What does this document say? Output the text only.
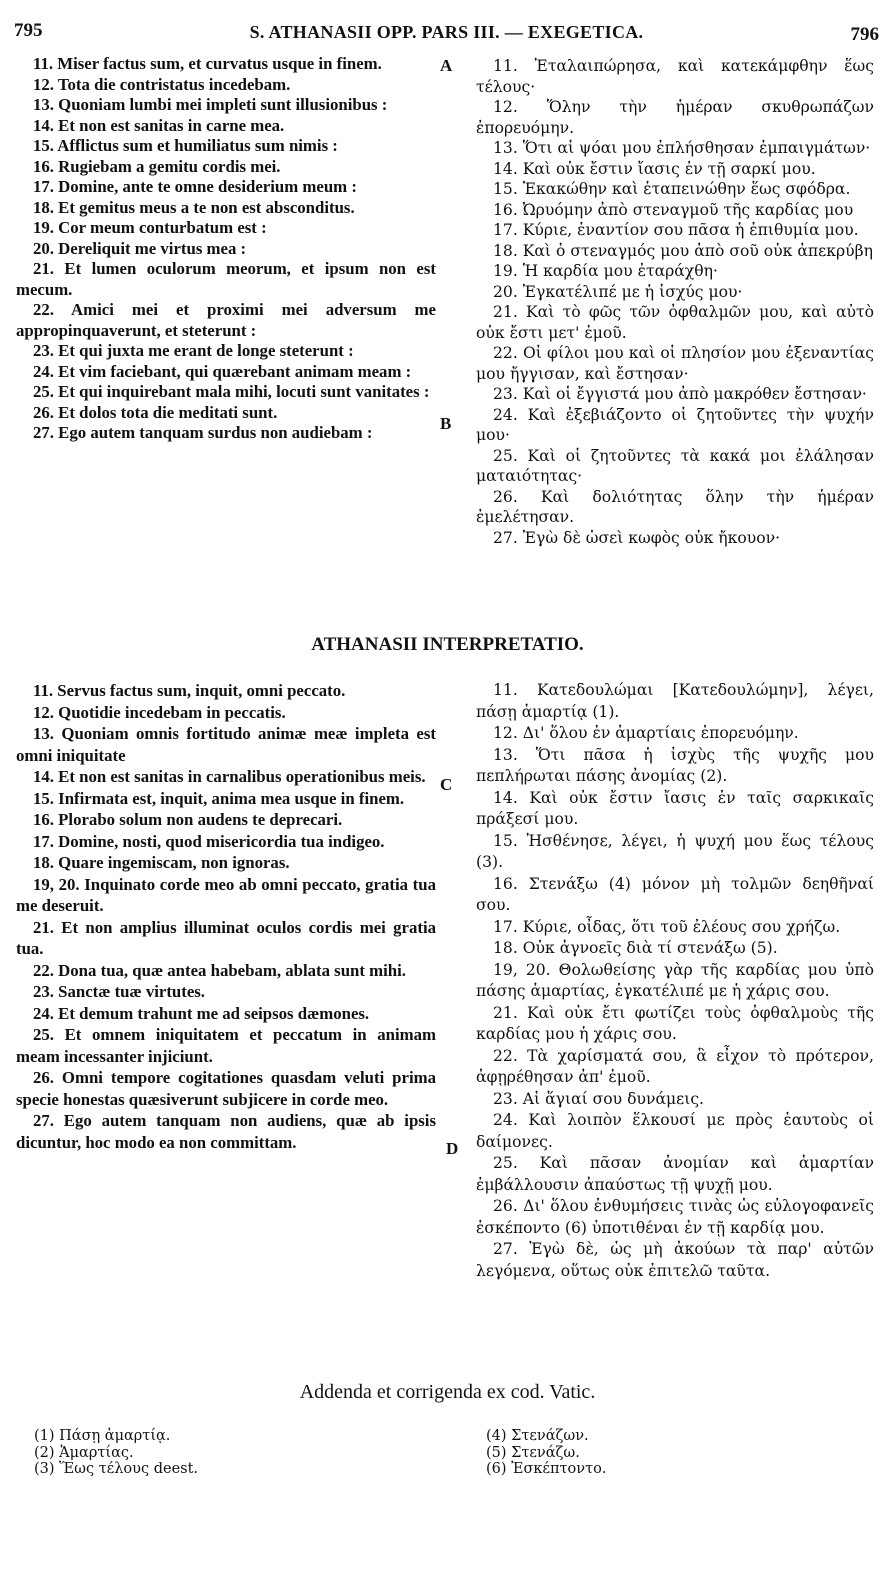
795	S. ATHANASII OPP. PARS III. — EXEGETICA.	796

11. Miser factus sum, et curvatus usque in finem.

12. Tota die contristatus incedebam.

13. Quoniam lumbi mei impleti sunt illusionibus :

14. Et non est sanitas in carne mea.

15. Afflictus sum et humiliatus sum nimis :

16. Rugiebam a gemitu cordis mei.

17. Domine, ante te omne desiderium meum :

18. Et gemitus meus a te non est absconditus.

19. Cor meum conturbatum est :

20. Dereliquit me virtus mea :

21. Et lumen oculorum meorum, et ipsum non est mecum.

22. Amici mei et proximi mei adversum me appropinquaverunt, et steterunt :

23. Et qui juxta me erant de longe steterunt :

24. Et vim faciebant, qui quærebant animam meam :

25. Et qui inquirebant mala mihi, locuti sunt vanitates :

26. Et dolos tota die meditati sunt.

27. Ego autem tanquam surdus non audiebam :

11. Ἐταλαιπώρησα, καὶ κατεκάμφθην ἕως τέλους·

12. Ὅλην τὴν ἡμέραν σκυθρωπάζων ἐπορευόμην.

13. Ὅτι αἱ ψόαι μου ἐπλήσθησαν ἐμπαιγμάτων·

14. Καὶ οὐκ ἔστιν ἴασις ἐν τῇ σαρκί μου.

15. Ἐκακώθην καὶ ἐταπεινώθην ἕως σφόδρα.

16. Ὠρυόμην ἀπὸ στεναγμοῦ τῆς καρδίας μου

17. Κύριε, ἐναντίον σου πᾶσα ἡ ἐπιθυμία μου.

18. Καὶ ὁ στεναγμός μου ἀπὸ σοῦ οὐκ ἀπεκρύβη

19. Ἡ καρδία μου ἐταράχθη·

20. Ἐγκατέλιπέ με ἡ ἰσχύς μου·

21. Καὶ τὸ φῶς τῶν ὀφθαλμῶν μου, καὶ αὐτὸ οὐκ ἔστι μετ' ἐμοῦ.

22. Οἱ φίλοι μου καὶ οἱ πλησίον μου ἐξεναντίας μου ἤγγισαν, καὶ ἔστησαν·

23. Καὶ οἱ ἔγγιστά μου ἀπὸ μακρόθεν ἔστησαν·

24. Καὶ ἐξεβιάζοντο οἱ ζητοῦντες τὴν ψυχήν μου·

25. Καὶ οἱ ζητοῦντες τὰ κακά μοι ἐλάλησαν ματαιότητας·

26. Καὶ δολιότητας ὅλην τὴν ἡμέραν ἐμελέτησαν.

27. Ἐγὼ δὲ ὡσεὶ κωφὸς οὐκ ἤκουον·

A
B
C
D
ATHANASII INTERPRETATIO.

11. Servus factus sum, inquit, omni peccato.

12. Quotidie incedebam in peccatis.

13. Quoniam omnis fortitudo animæ meæ impleta est omni iniquitate

14. Et non est sanitas in carnalibus operationibus meis.

15. Infirmata est, inquit, anima mea usque in finem.

16. Plorabo solum non audens te deprecari.

17. Domine, nosti, quod misericordia tua indigeo.

18. Quare ingemiscam, non ignoras.

19, 20. Inquinato corde meo ab omni peccato, gratia tua me deseruit.

21. Et non amplius illuminat oculos cordis mei gratia tua.

22. Dona tua, quæ antea habebam, ablata sunt mihi.

23. Sanctæ tuæ virtutes.

24. Et demum trahunt me ad seipsos dæmones.

25. Et omnem iniquitatem et peccatum in animam meam incessanter injiciunt.

26. Omni tempore cogitationes quasdam veluti prima specie honestas quæsiverunt subjicere in corde meo.

27. Ego autem tanquam non audiens, quæ ab ipsis dicuntur, hoc modo ea non committam.

11. Κατεδουλώμαι [Κατεδουλώμην], λέγει, πάσῃ ἁμαρτίᾳ (1).

12. Δι' ὅλου ἐν ἁμαρτίαις ἐπορευόμην.

13. Ὅτι πᾶσα ἡ ἰσχὺς τῆς ψυχῆς μου πεπλήρωται πάσης ἀνομίας (2).

14. Καὶ οὐκ ἔστιν ἴασις ἐν ταῖς σαρκικαῖς πράξεσί μου.

15. Ἠσθένησε, λέγει, ἡ ψυχή μου ἕως τέλους (3).

16. Στενάξω (4) μόνον μὴ τολμῶν δεηθῆναί σου.

17. Κύριε, οἶδας, ὅτι τοῦ ἐλέους σου χρήζω.

18. Οὐκ ἀγνοεῖς διὰ τί στενάξω (5).

19, 20. Θολωθείσης γὰρ τῆς καρδίας μου ὑπὸ πάσης ἁμαρτίας, ἐγκατέλιπέ με ἡ χάρις σου.

21. Καὶ οὐκ ἔτι φωτίζει τοὺς ὀφθαλμοὺς τῆς καρδίας μου ἡ χάρις σου.

22. Τὰ χαρίσματά σου, ἃ εἶχον τὸ πρότερον, ἀφῃρέθησαν ἀπ' ἐμοῦ.

23. Αἱ ἅγιαί σου δυνάμεις.

24. Καὶ λοιπὸν ἕλκουσί με πρὸς ἑαυτοὺς οἱ δαίμονες.

25. Καὶ πᾶσαν ἀνομίαν καὶ ἁμαρτίαν ἐμβάλλουσιν ἀπαύστως τῇ ψυχῇ μου.

26. Δι' ὅλου ἐνθυμήσεις τινὰς ὡς εὐλογοφανεῖς ἐσκέποντο (6) ὑποτιθέναι ἐν τῇ καρδίᾳ μου.

27. Ἐγὼ δὲ, ὡς μὴ ἀκούων τὰ παρ' αὐτῶν λεγόμενα, οὕτως οὐκ ἐπιτελῶ ταῦτα.

Addenda et corrigenda ex cod. Vatic.

(1) Πάσῃ ἁμαρτίᾳ.

(2) Ἁμαρτίας.

(3) Ἕως τέλους deest.

(4) Στενάζων.

(5) Στενάζω.

(6) Ἐσκέπτοντο.
